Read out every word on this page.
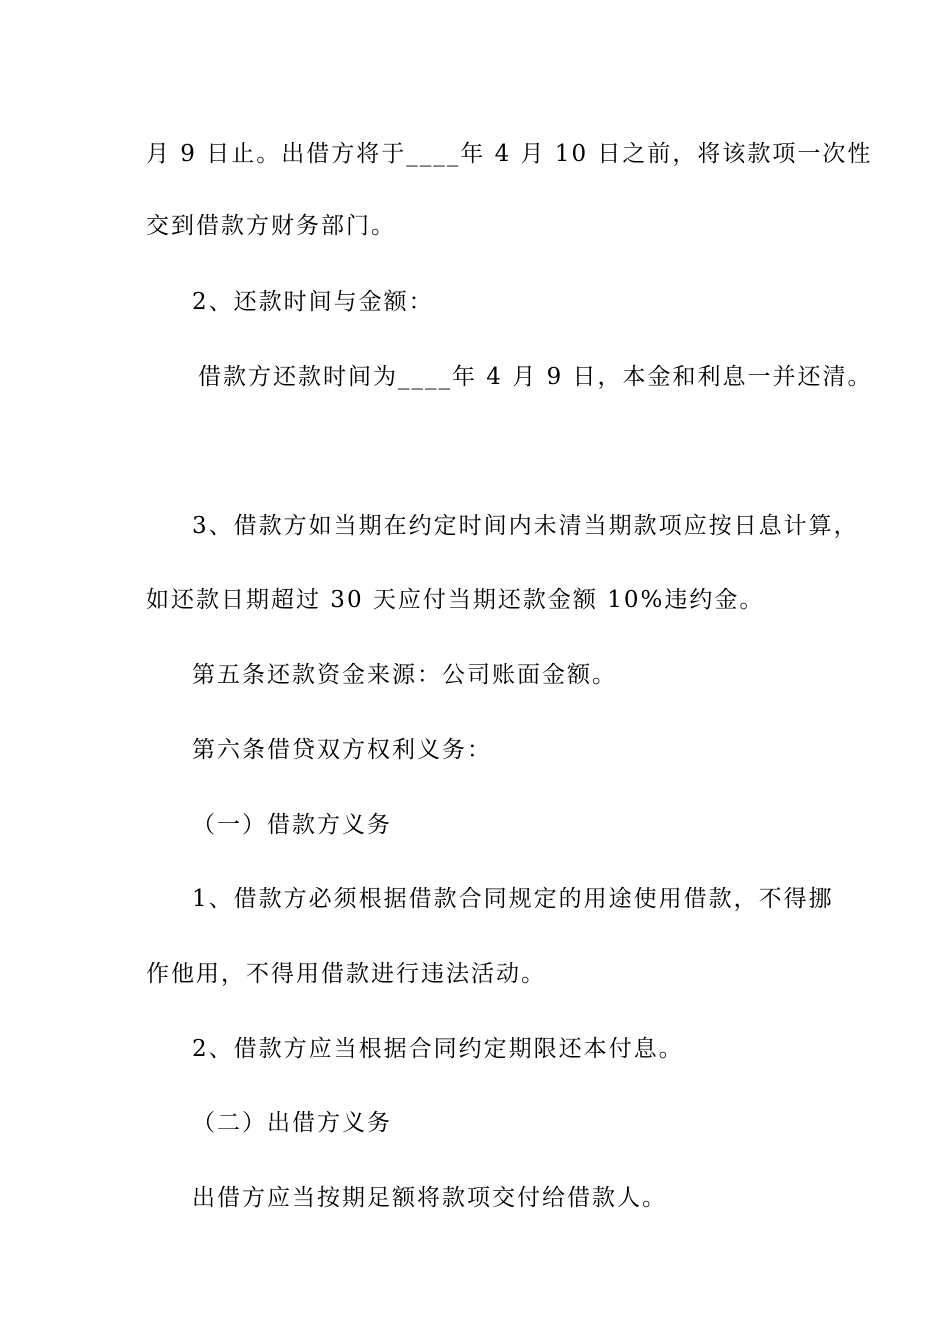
月 9 日止。出借方将于____年 4 月 10 日之前，将该款项一次性
交到借款方财务部门。
2、还款时间与金额：
借款方还款时间为____年 4 月 9 日，本金和利息一并还清。
3、借款方如当期在约定时间内未清当期款项应按日息计算，
如还款日期超过 30 天应付当期还款金额 10%违约金。
第五条还款资金来源：公司账面金额。
第六条借贷双方权利义务：
（一）借款方义务
1、借款方必须根据借款合同规定的用途使用借款，不得挪
作他用，不得用借款进行违法活动。
2、借款方应当根据合同约定期限还本付息。
（二）出借方义务
出借方应当按期足额将款项交付给借款人。
